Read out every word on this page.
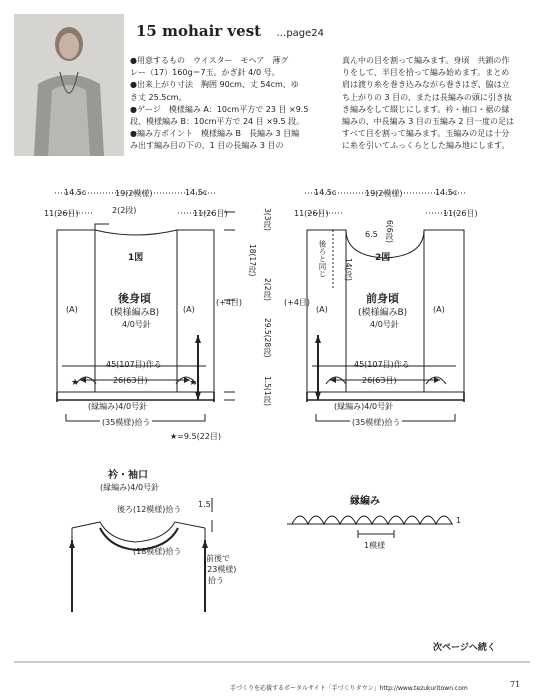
15 mohair vest …page24
●用意するもの　ウイスター　モヘア　薄グ
レー（17）160g＝7玉。かぎ針 4/0 号。
●出来上がり寸法　胸囲 90cm、丈 54cm、ゆ
き丈 25.5cm。
●ゲージ　模様編み A：10cm平方で 23 目 ×9.5
段、模様編み B：10cm平方で 24 目 ×9.5 段。
●編み方ポイント　模様編み B　長編み 3 目編
み出す編み目の下の、1 目の長編み 3 目の
真ん中の目を割って編みます。身頃　共鎖の作
りをして、半目を拾って編み始めます。まとめ
肩は渡り糸を巻き込みながら巻きはぎ、脇は立
ち上がりの 3 目の、または長編みの頭に引き抜
き編みをして綴じにします。衿・袖口・裾の縁
編みの、中長編み 3 目の玉編み 2 目一度の足は
すべて目を割って編みます。玉編みの足は十分
に糸を引いてふっくらとした編み地にします。
★	★
14.5c	19(2模様)	14.5c
11(26目)	2(2段)	11(26目)
1図
後身頃
(模様編みB)
4/0号針
(A)	(A)
45(107目)作る
26(63目)
(縁編み)4/0号針
(35模様)拾う
★=9.5(22目)
3(3段)
18(17段)
2(2段)
29.5(28段)
1.5(1段)
(+4目)
14.5c	19(2模様)	14.5c
11(26目)	11(26目)
6.5 6(6段)
後ろと同じ 14(段) 2図
前身頃
(模様編みB)
4/0号針
(A)	(A)
45(107目)作る
26(63目)
(縁編み)4/0号針
(35模様)拾う
(+4目)
衿・袖口
(縁編み)4/0号針
後ろ(12模様)拾う
1.5
(18模様)拾う
前後で
(23模様)
拾う
縁編み
1
1模様
次ページへ続く
手づくりを応援するポータルサイト「手づくりタウン」http://www.tezukuritown.com	71
